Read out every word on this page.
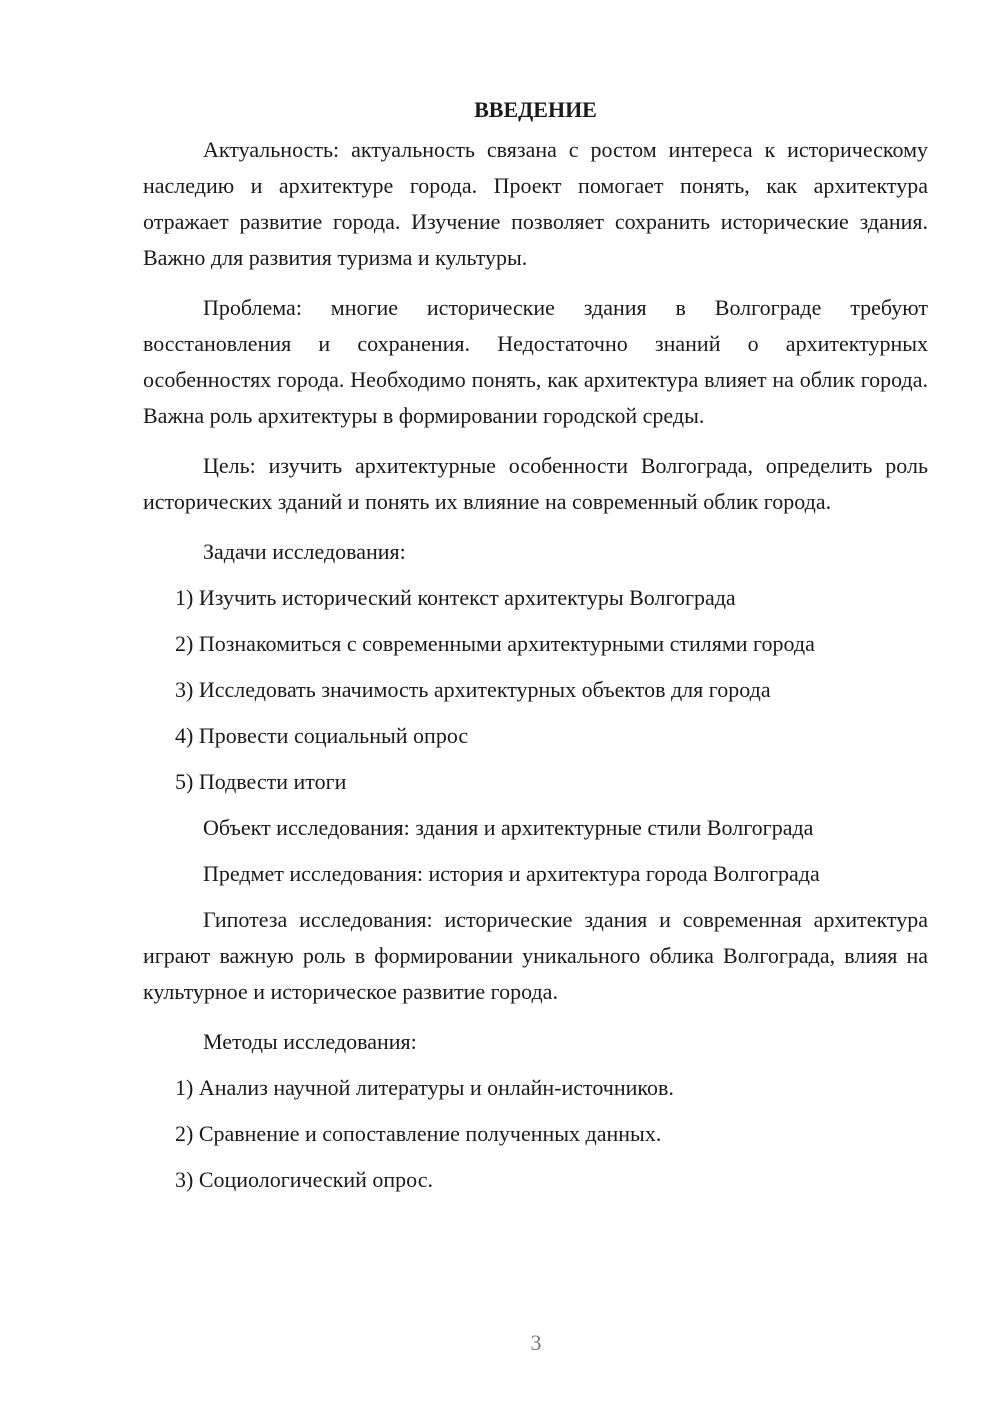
ВВЕДЕНИЕ

Актуальность: актуальность связана с ростом интереса к историческому наследию и архитектуре города. Проект помогает понять, как архитектура отражает развитие города. Изучение позволяет сохранить исторические здания. Важно для развития туризма и культуры.

Проблема: многие исторические здания в Волгограде требуют восстановления и сохранения. Недостаточно знаний о архитектурных особенностях города. Необходимо понять, как архитектура влияет на облик города. Важна роль архитектуры в формировании городской среды.

Цель: изучить архитектурные особенности Волгограда, определить роль исторических зданий и понять их влияние на современный облик города.

Задачи исследования:

1) Изучить исторический контекст архитектуры Волгограда
2) Познакомиться с современными архитектурными стилями города
3) Исследовать значимость архитектурных объектов для города
4) Провести социальный опрос
5) Подвести итоги

Объект исследования: здания и архитектурные стили Волгограда

Предмет исследования: история и архитектура города Волгограда

Гипотеза исследования: исторические здания и современная архитектура играют важную роль в формировании уникального облика Волгограда, влияя на культурное и историческое развитие города.

Методы исследования:

1) Анализ научной литературы и онлайн-источников.
2) Сравнение и сопоставление полученных данных.
3) Социологический опрос.
3
